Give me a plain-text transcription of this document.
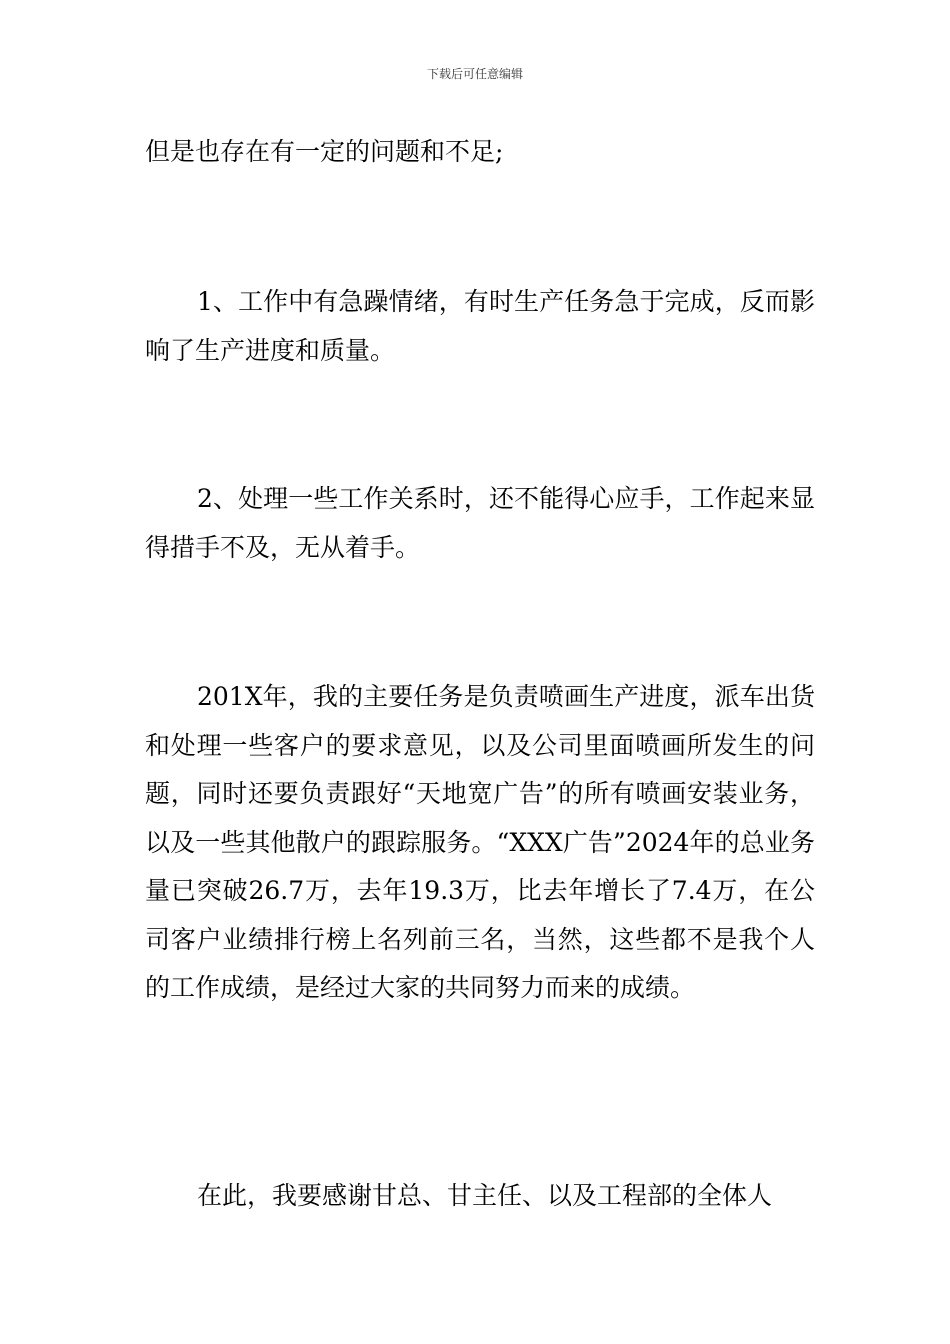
下载后可任意编辑

但是也存在有一定的问题和不足;

1、工作中有急躁情绪，有时生产任务急于完成，反而影响了生产进度和质量。

2、处理一些工作关系时，还不能得心应手，工作起来显得措手不及，无从着手。

201X年，我的主要任务是负责喷画生产进度，派车出货和处理一些客户的要求意见，以及公司里面喷画所发生的问题，同时还要负责跟好“天地宽广告”的所有喷画安装业务，以及一些其他散户的跟踪服务。“XXX广告”2024年的总业务量已突破26.7万，去年19.3万，比去年增长了7.4万，在公司客户业绩排行榜上名列前三名，当然，这些都不是我个人的工作成绩，是经过大家的共同努力而来的成绩。

在此，我要感谢甘总、甘主任、以及工程部的全体人
